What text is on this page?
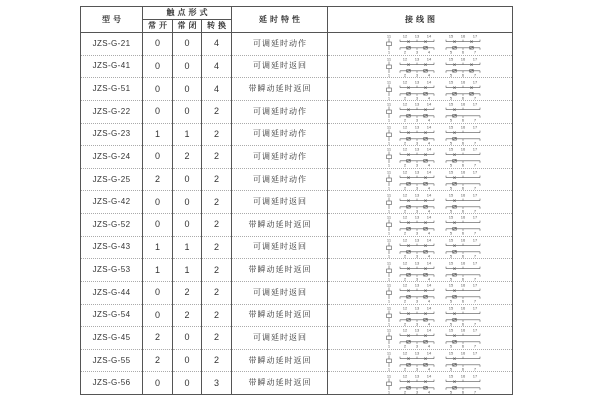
型号	触点形式			延时特性	接线图
	常开	常闭	转换		
JZS-G-21	0	0	4	可调延时动作	
11
1
12 13 14
2 3 4
15 16 17
5 6 7

JZS-G-41	0	0	4	可调延时返回	
11
1
12 13 14
2 3 4
15 16 17
5 6 7

JZS-G-51	0	0	4	带瞬动延时返回	
11
1
12 13 14
2 3 4
15 16 17
5 6 7

JZS-G-22	0	0	2	可调延时动作	
11
1
12 13 14
2 3 4
15 16 17
5 6 7

JZS-G-23	1	1	2	可调延时动作	
11
1
12 13 14
2 3 4
15 16 17
5 6 7

JZS-G-24	0	2	2	可调延时动作	
11
1
12 13 14
2 3 4
15 16 17
5 6 7

JZS-G-25	2	0	2	可调延时动作	
11
1
12 13 14
2 3 4
15 16 17
5 6 7

JZS-G-42	0	0	2	可调延时返回	
11
1
12 13 14
2 3 4
15 16 17
5 6 7

JZS-G-52	0	0	2	带瞬动延时返回	
11
1
12 13 14
2 3 4
15 16 17
5 6 7

JZS-G-43	1	1	2	可调延时返回	
11
1
12 13 14
2 3 4
15 16 17
5 6 7

JZS-G-53	1	1	2	带瞬动延时返回	
11
1
12 13 14
2 3 4
15 16 17
5 6 7

JZS-G-44	0	2	2	可调延时返回	
11
1
12 13 14
2 3 4
15 16 17
5 6 7

JZS-G-54	0	2	2	带瞬动延时返回	
11
1
12 13 14
2 3 4
15 16 17
5 6 7

JZS-G-45	2	0	2	可调延时返回	
11
1
12 13 14
2 3 4
15 16 17
5 6 7

JZS-G-55	2	0	2	带瞬动延时返回	
11
1
12 13 14
2 3 4
15 16 17
5 6 7

JZS-G-56	0	0	3	带瞬动延时返回	
11
1
12 13 14
2 3 4
15 16 17
5 6 7
